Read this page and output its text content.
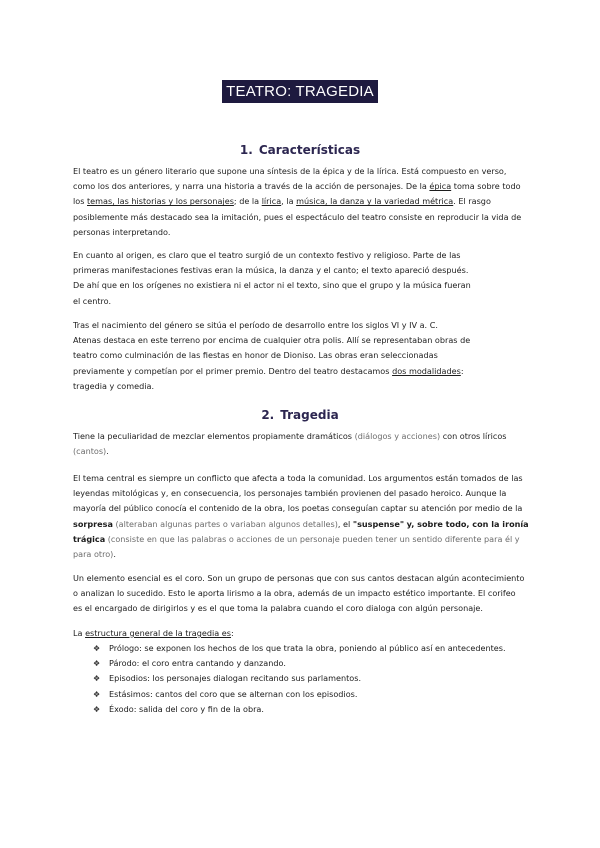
TEATRO: TRAGEDIA
1. Características
El teatro es un género literario que supone una síntesis de la épica y de la lírica. Está compuesto en verso,
como los dos anteriores, y narra una historia a través de la acción de personajes. De la épica toma sobre todo
los temas, las historias y los personajes; de la lírica, la música, la danza y la variedad métrica. El rasgo
posiblemente más destacado sea la imitación, pues el espectáculo del teatro consiste en reproducir la vida de
personas interpretando.
En cuanto al origen, es claro que el teatro surgió de un contexto festivo y religioso. Parte de las
primeras manifestaciones festivas eran la música, la danza y el canto; el texto apareció después.
De ahí que en los orígenes no existiera ni el actor ni el texto, sino que el grupo y la música fueran
el centro.
Tras el nacimiento del género se sitúa el período de desarrollo entre los siglos VI y IV a. C.
Atenas destaca en este terreno por encima de cualquier otra polis. Allí se representaban obras de
teatro como culminación de las fiestas en honor de Dioniso. Las obras eran seleccionadas
previamente y competían por el primer premio. Dentro del teatro destacamos dos modalidades:
tragedia y comedia.
2. Tragedia
Tiene la peculiaridad de mezclar elementos propiamente dramáticos (diálogos y acciones) con otros líricos
(cantos).
El tema central es siempre un conflicto que afecta a toda la comunidad. Los argumentos están tomados de las
leyendas mitológicas y, en consecuencia, los personajes también provienen del pasado heroico. Aunque la
mayoría del público conocía el contenido de la obra, los poetas conseguían captar su atención por medio de la
sorpresa (alteraban algunas partes o variaban algunos detalles), el "suspense" y, sobre todo, con la ironía
trágica (consiste en que las palabras o acciones de un personaje pueden tener un sentido diferente para él y
para otro).
Un elemento esencial es el coro. Son un grupo de personas que con sus cantos destacan algún acontecimiento
o analizan lo sucedido. Esto le aporta lirismo a la obra, además de un impacto estético importante. El corifeo
es el encargado de dirigirlos y es el que toma la palabra cuando el coro dialoga con algún personaje.
La estructura general de la tragedia es:
❖ Prólogo: se exponen los hechos de los que trata la obra, poniendo al público así en antecedentes.
❖ Párodo: el coro entra cantando y danzando.
❖ Episodios: los personajes dialogan recitando sus parlamentos.
❖ Estásimos: cantos del coro que se alternan con los episodios.
❖ Éxodo: salida del coro y fin de la obra.
